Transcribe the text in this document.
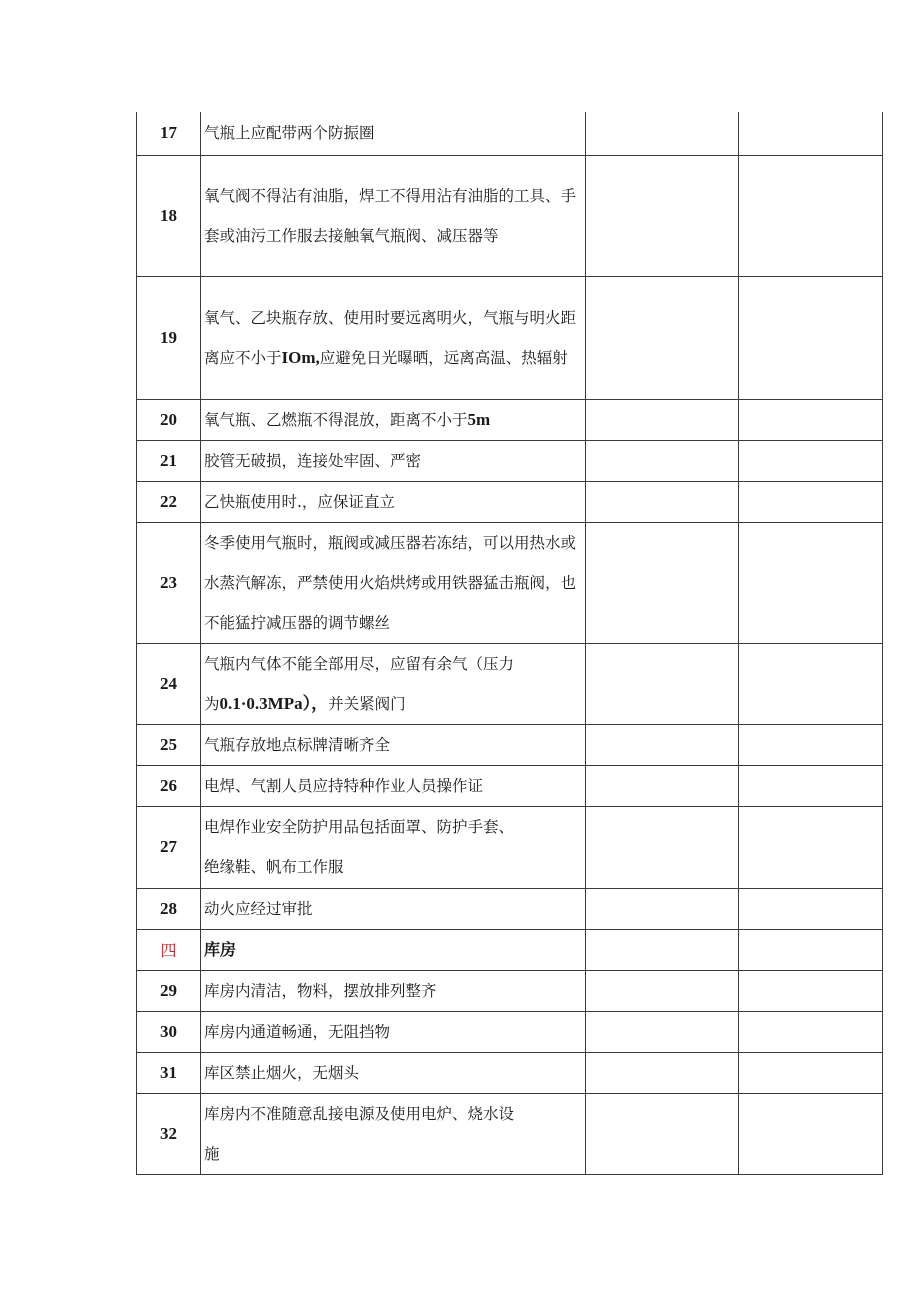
17	气瓶上应配带两个防振圈		

18	氧气阀不得沾有油脂，焊工不得用沾有油脂的工具、手套或油污工作服去接触氧气瓶阀、减压器等		

19	氧气、乙块瓶存放、使用时要远离明火，气瓶与明火距离应不小于IOm,应避免日光曝晒，远离高温、热辐射		

20	氧气瓶、乙燃瓶不得混放，距离不小于5m		

21	胶管无破损，连接处牢固、严密		

22	乙快瓶使用时.，应保证直立		

23	冬季使用气瓶时，瓶阀或减压器若冻结，可以用热水或水蒸汽解冻，严禁使用火焰烘烤或用铁器猛击瓶阀，也不能猛拧减压器的调节螺丝		

24	气瓶内气体不能全部用尽，应留有余气（压力
为0.1·0.3MPa），并关紧阀门		

25	气瓶存放地点标牌清晰齐全		

26	电焊、气割人员应持特种作业人员操作证		

27	电焊作业安全防护用品包括面罩、防护手套、
绝缘鞋、帆布工作服		

28	动火应经过审批		

四	库房		
29	库房内清洁，物料，摆放排列整齐		

30	库房内通道畅通，无阻挡物		

31	库区禁止烟火，无烟头		

32	库房内不准随意乱接电源及使用电炉、烧水设
施		
